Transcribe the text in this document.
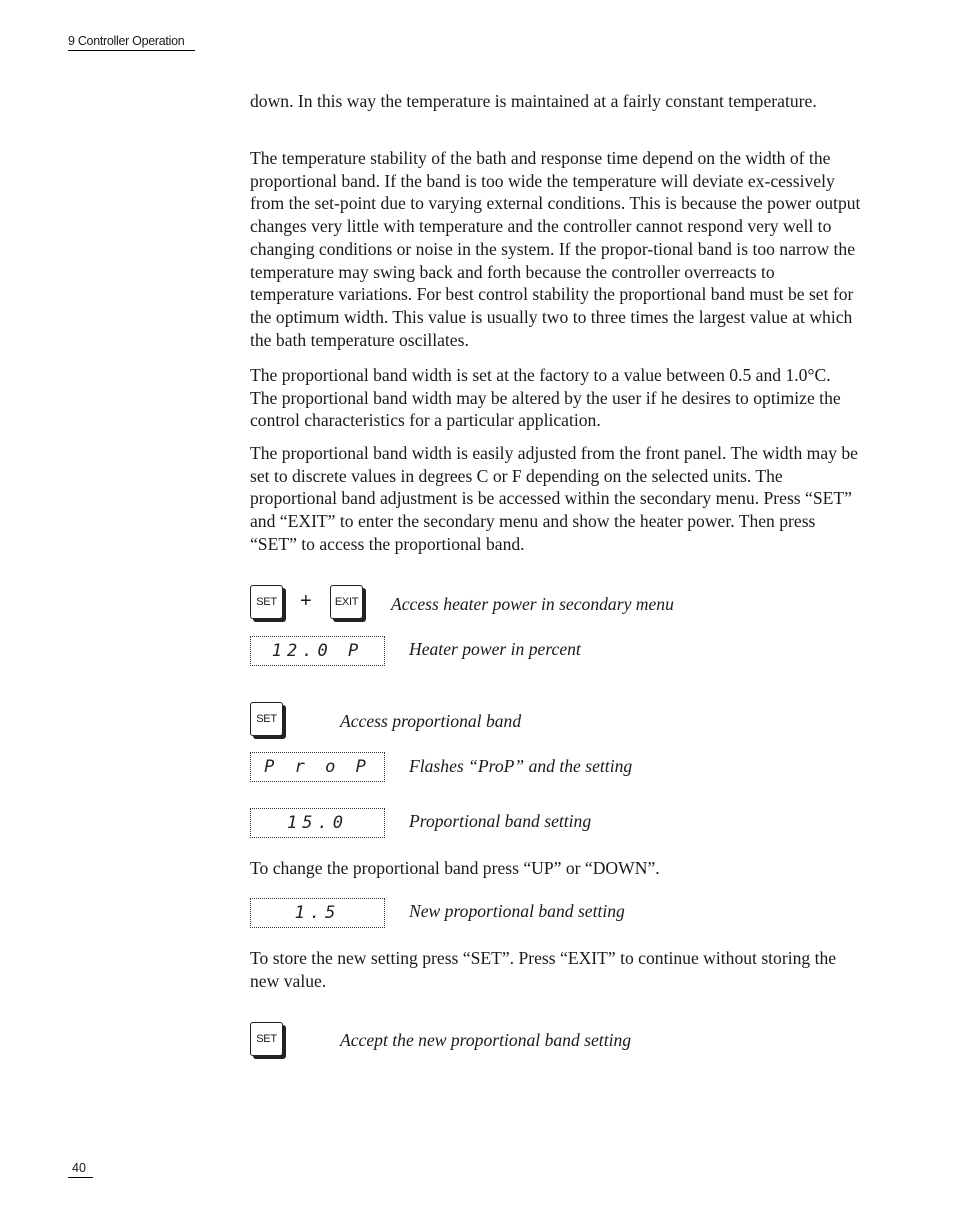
9 Controller Operation

down. In this way the temperature is maintained at a fairly constant temperature.

The temperature stability of the bath and response time depend on the width of the proportional band. If the band is too wide the temperature will deviate ex-cessively from the set-point due to varying external conditions. This is because the power output changes very little with temperature and the controller cannot respond very well to changing conditions or noise in the system. If the propor-tional band is too narrow the temperature may swing back and forth because the controller overreacts to temperature variations. For best control stability the proportional band must be set for the optimum width. This value is usually two to three times the largest value at which the bath temperature oscillates.

The proportional band width is set at the factory to a value between 0.5 and 1.0°C. The proportional band width may be altered by the user if he desires to optimize the control characteristics for a particular application.

The proportional band width is easily adjusted from the front panel. The width may be set to discrete values in degrees C or F depending on the selected units. The proportional band adjustment is be accessed within the secondary menu. Press “SET” and “EXIT” to enter the secondary menu and show the heater power. Then press “SET” to access the proportional band.

SET	+	EXIT Access heater power in secondary menu
12.0 P	Heater power in percent
SET	Access proportional band
P r o P	Flashes “ProP” and the setting
15.0	Proportional band setting

To change the proportional band press “UP” or “DOWN”.

1.5	New proportional band setting

To store the new setting press “SET”. Press “EXIT” to continue without storing the new value.

SET	Accept the new proportional band setting
40
